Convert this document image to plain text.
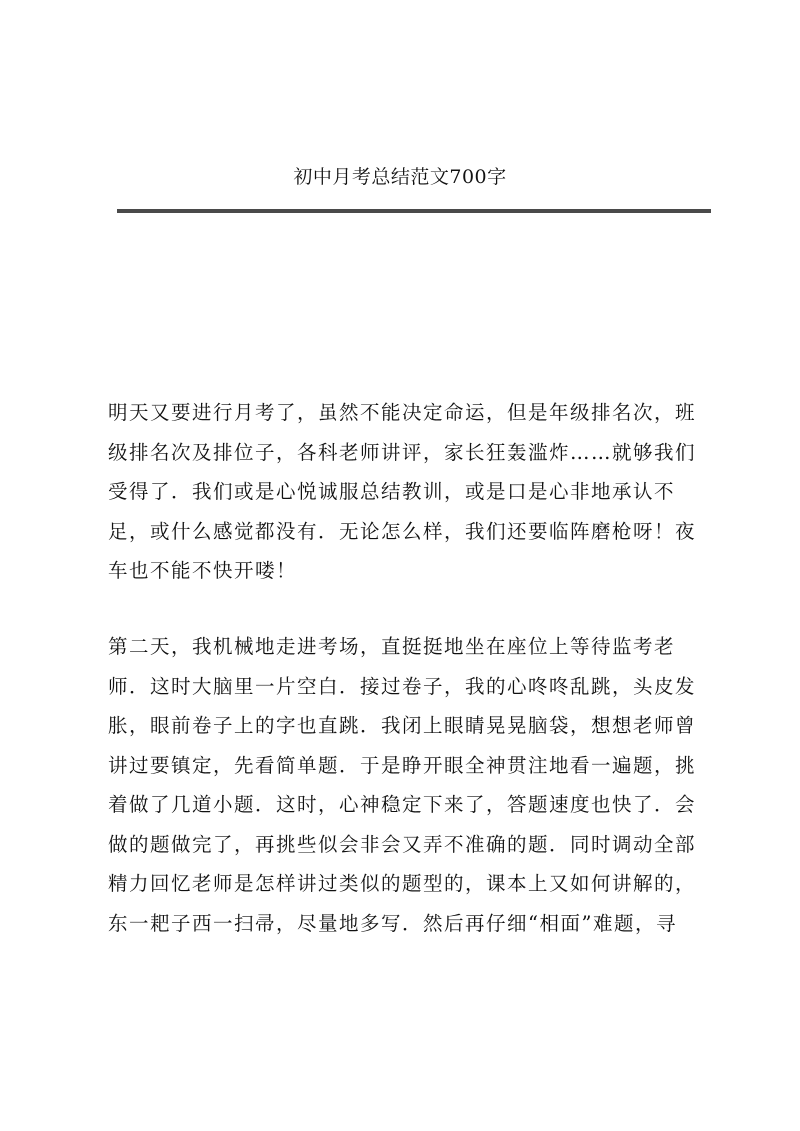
初中月考总结范文700字
明天又要进行月考了，虽然不能决定命运，但是年级排名次，班
级排名次及排位子，各科老师讲评，家长狂轰滥炸……就够我们
受得了．我们或是心悦诚服总结教训，或是口是心非地承认不
足，或什么感觉都没有．无论怎么样，我们还要临阵磨枪呀！夜
车也不能不快开喽！
第二天，我机械地走进考场，直挺挺地坐在座位上等待监考老
师．这时大脑里一片空白．接过卷子，我的心咚咚乱跳，头皮发
胀，眼前卷子上的字也直跳．我闭上眼睛晃晃脑袋，想想老师曾
讲过要镇定，先看简单题．于是睁开眼全神贯注地看一遍题，挑
着做了几道小题．这时，心神稳定下来了，答题速度也快了．会
做的题做完了，再挑些似会非会又弄不准确的题．同时调动全部
精力回忆老师是怎样讲过类似的题型的，课本上又如何讲解的，
东一耙子西一扫帚，尽量地多写．然后再仔细“相面”难题，寻
